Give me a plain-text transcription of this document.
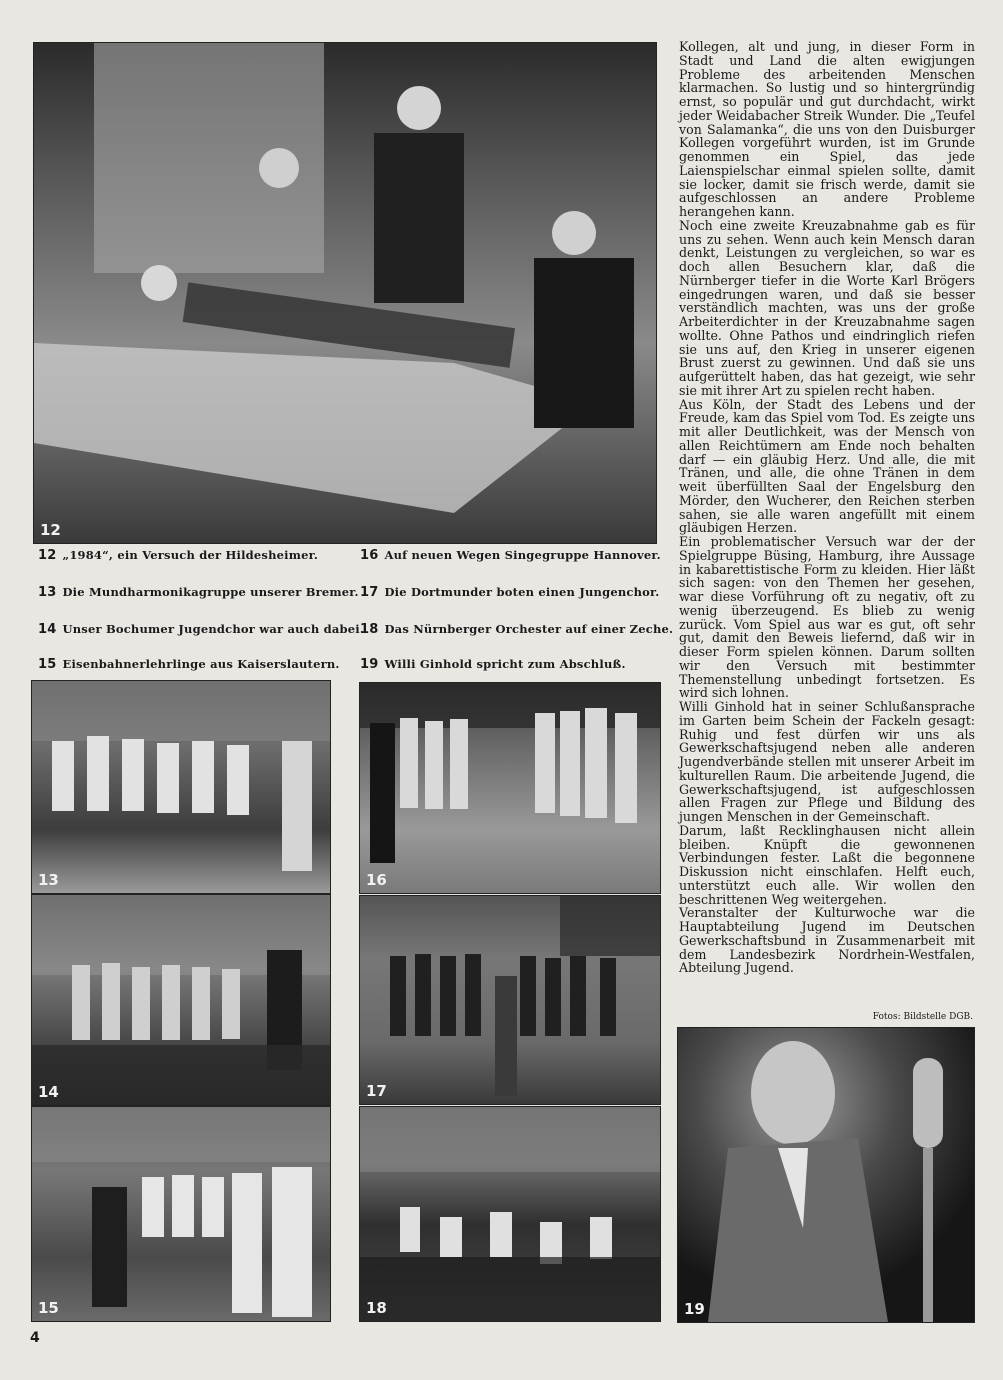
12
12 „1984“, ein Versuch der Hildesheimer.
13 Die Mundharmonikagruppe unserer Bremer.
14 Unser Bochumer Jugendchor war auch dabei.
15 Eisenbahnerlehrlinge aus Kaiserslautern.
16 Auf neuen Wegen Singegruppe Hannover.
17 Die Dortmunder boten einen Jungenchor.
18 Das Nürnberger Orchester auf einer Zeche.
19 Willi Ginhold spricht zum Abschluß.
13
14
15
16
17
18	19

Kollegen, alt und jung, in dieser Form in Stadt und Land die alten ewigjungen Probleme des arbeitenden Menschen klarmachen. So lustig und so hintergründig ernst, so populär und gut durchdacht, wirkt jeder Weidabacher Streik Wunder. Die „Teufel von Salamanka“, die uns von den Duisburger Kollegen vorgeführt wurden, ist im Grunde genommen ein Spiel, das jede Laienspielschar einmal spielen sollte, damit sie locker, damit sie frisch werde, damit sie aufgeschlossen an andere Probleme herangehen kann.

Noch eine zweite Kreuzabnahme gab es für uns zu sehen. Wenn auch kein Mensch daran denkt, Leistungen zu vergleichen, so war es doch allen Besuchern klar, daß die Nürnberger tiefer in die Worte Karl Brögers eingedrungen waren, und daß sie besser verständlich machten, was uns der große Arbeiterdichter in der Kreuzabnahme sagen wollte. Ohne Pathos und eindringlich riefen sie uns auf, den Krieg in unserer eigenen Brust zuerst zu gewinnen. Und daß sie uns aufgerüttelt haben, das hat gezeigt, wie sehr sie mit ihrer Art zu spielen recht haben.

Aus Köln, der Stadt des Lebens und der Freude, kam das Spiel vom Tod. Es zeigte uns mit aller Deutlichkeit, was der Mensch von allen Reichtümern am Ende noch behalten darf — ein gläubig Herz. Und alle, die mit Tränen, und alle, die ohne Tränen in dem weit überfüllten Saal der Engelsburg den Mörder, den Wucherer, den Reichen sterben sahen, sie alle waren angefüllt mit einem gläubigen Herzen.

Ein problematischer Versuch war der der Spielgruppe Büsing, Hamburg, ihre Aussage in kabarettistische Form zu kleiden. Hier läßt sich sagen: von den Themen her gesehen, war diese Vorführung oft zu negativ, oft zu wenig überzeugend. Es blieb zu wenig zurück. Vom Spiel aus war es gut, oft sehr gut, damit den Beweis liefernd, daß wir in dieser Form spielen können. Darum sollten wir den Versuch mit bestimmter Themenstellung unbedingt fortsetzen. Es wird sich lohnen.

Willi Ginhold hat in seiner Schlußansprache im Garten beim Schein der Fackeln gesagt: Ruhig und fest dürfen wir uns als Gewerkschaftsjugend neben alle anderen Jugendverbände stellen mit unserer Arbeit im kulturellen Raum. Die arbeitende Jugend, die Gewerkschaftsjugend, ist aufgeschlossen allen Fragen zur Pflege und Bildung des jungen Menschen in der Gemeinschaft.

Darum, laßt Recklinghausen nicht allein bleiben. Knüpft die gewonnenen Verbindungen fester. Laßt die begonnene Diskussion nicht einschlafen. Helft euch, unterstützt euch alle. Wir wollen den beschrittenen Weg weitergehen.

Veranstalter der Kulturwoche war die Hauptabteilung Jugend im Deutschen Gewerkschaftsbund in Zusammenarbeit mit dem Landesbezirk Nordrhein-Westfalen, Abteilung Jugend.

Fotos: Bildstelle DGB.
4
